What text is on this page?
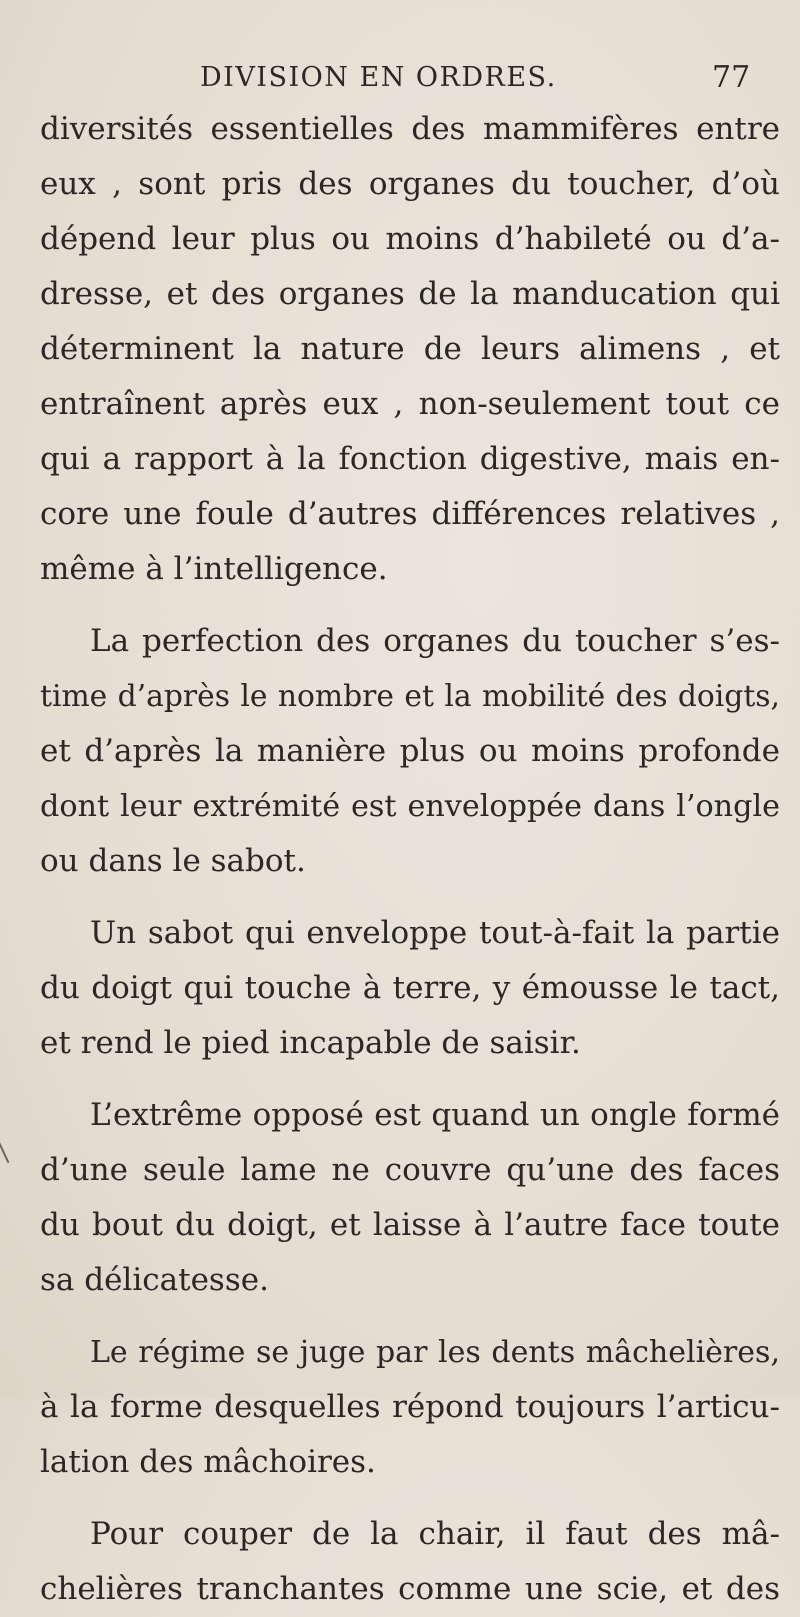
DIVISION EN ORDRES.	77
diversités essentielles des mammifères entre
eux , sont pris des organes du toucher, d’où
dépend leur plus ou moins d’habileté ou d’a-
dresse, et des organes de la manducation qui
déterminent la nature de leurs alimens , et
entraînent après eux , non-seulement tout ce
qui a rapport à la fonction digestive, mais en-
core une foule d’autres différences relatives ,
même à l’intelligence.
La perfection des organes du toucher s’es-
time d’après le nombre et la mobilité des doigts,
et d’après la manière plus ou moins profonde
dont leur extrémité est enveloppée dans l’ongle
ou dans le sabot.
Un sabot qui enveloppe tout-à-fait la partie
du doigt qui touche à terre, y émousse le tact,
et rend le pied incapable de saisir.
L’extrême opposé est quand un ongle formé
d’une seule lame ne couvre qu’une des faces
du bout du doigt, et laisse à l’autre face toute
sa délicatesse.
Le régime se juge par les dents mâchelières,
à la forme desquelles répond toujours l’articu-
lation des mâchoires.
Pour couper de la chair, il faut des mâ-
chelières tranchantes comme une scie, et des
